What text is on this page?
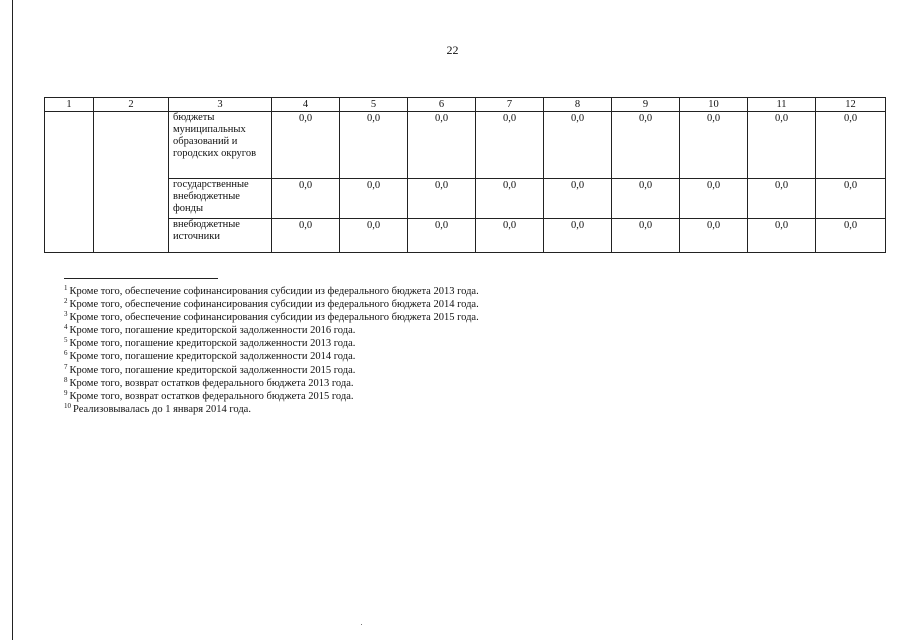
22
1	2	3	4	5	6	7	8	9	10	11	12
		бюджеты муниципальных образований и городских округов	0,0	0,0	0,0	0,0	0,0	0,0	0,0	0,0	0,0
		государственные внебюджетные фонды	0,0	0,0	0,0	0,0	0,0	0,0	0,0	0,0	0,0
		внебюджетные источники	0,0	0,0	0,0	0,0	0,0	0,0	0,0	0,0	0,0
$^1$ Кроме того, обеспечение софинансирования субсидии из федерального бюджета 2013 года.
$^2$ Кроме того, обеспечение софинансирования субсидии из федерального бюджета 2014 года.
$^3$ Кроме того, обеспечение софинансирования субсидии из федерального бюджета 2015 года.
$^4$ Кроме того, погашение кредиторской задолженности 2016 года.
$^5$ Кроме того, погашение кредиторской задолженности 2013 года.
$^6$ Кроме того, погашение кредиторской задолженности 2014 года.
$^7$ Кроме того, погашение кредиторской задолженности 2015 года.
$^8$ Кроме того, возврат остатков федерального бюджета 2013 года.
$^9$ Кроме того, возврат остатков федерального бюджета 2015 года.
$^{10}$ Реализовывалась до 1 января 2014 года.
